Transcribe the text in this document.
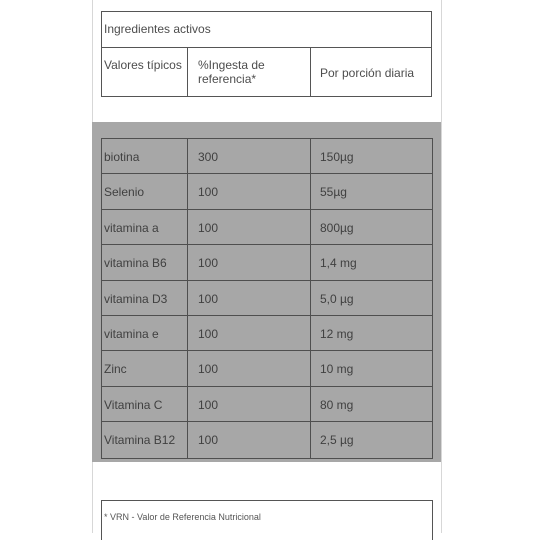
Ingredientes activos
Valores típicos	%Ingesta de referencia*	Por porción diaria
biotina	300	150µg
Selenio	100	55µg
vitamina a	100	800µg
vitamina B6	100	1,4 mg
vitamina D3	100	5,0 µg
vitamina e	100	12 mg
Zinc	100	10 mg
Vitamina C	100	80 mg
Vitamina B12	100	2,5 µg
* VRN - Valor de Referencia Nutricional
